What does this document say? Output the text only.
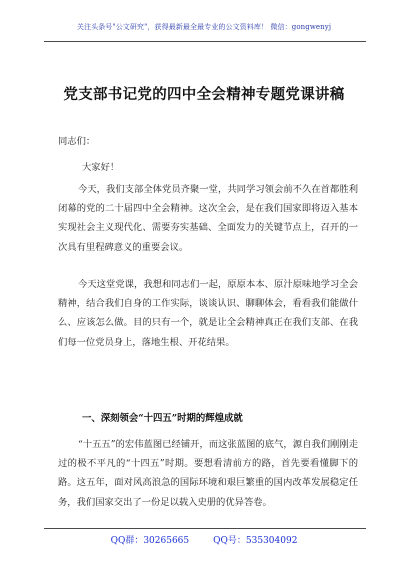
关注头条号"公文研究"，获得最新最全最专业的公文资料库！ 微信：gongwenyj
党支部书记党的四中全会精神专题党课讲稿
同志们：
大家好！
今天，我们支部全体党员齐聚一堂，共同学习领会前不久在首都胜利闭幕的党的二十届四中全会精神。这次全会，是在我们国家即将迈入基本实现社会主义现代化、需要夯实基础、全面发力的关键节点上，召开的一次具有里程碑意义的重要会议。
今天这堂党课，我想和同志们一起，原原本本、原汁原味地学习全会精神，结合我们自身的工作实际，谈谈认识、聊聊体会，看看我们能做什么、应该怎么做。目的只有一个，就是让全会精神真正在我们支部、在我们每一位党员身上，落地生根、开花结果。
一、深刻领会“十四五”时期的辉煌成就
“十五五”的宏伟蓝图已经铺开，而这张蓝图的底气，源自我们刚刚走过的极不平凡的“十四五”时期。要想看清前方的路，首先要看懂脚下的路。这五年，面对风高浪急的国际环境和艰巨繁重的国内改革发展稳定任务，我们国家交出了一份足以载入史册的优异答卷。
QQ群：30265665	QQ号：535304092
